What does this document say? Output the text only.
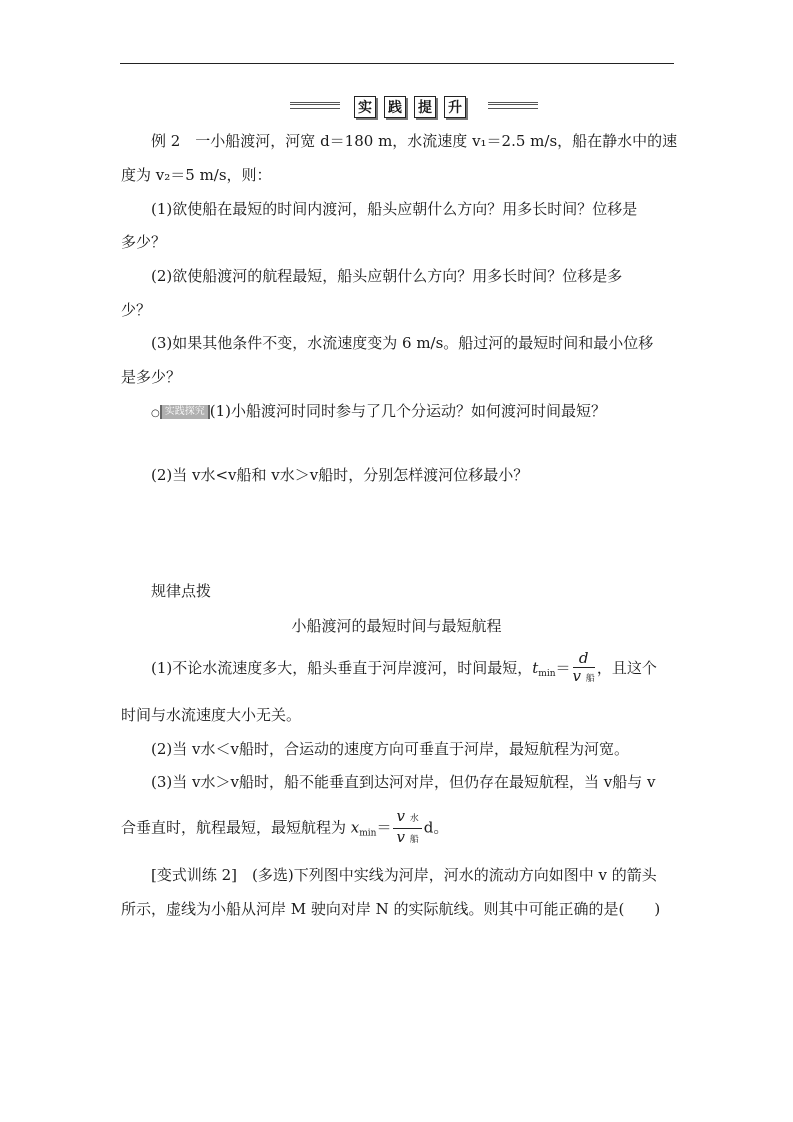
实 践 提 升
例 2　一小船渡河，河宽 d＝180 m，水流速度 v₁＝2.5 m/s，船在静水中的速
度为 v₂＝5 m/s，则：
(1)欲使船在最短的时间内渡河，船头应朝什么方向？用多长时间？位移是
多少？
(2)欲使船渡河的航程最短，船头应朝什么方向？用多长时间？位移是多
少？
(3)如果其他条件不变，水流速度变为 6 m/s。船过河的最短时间和最小位移
是多少？
○ 实践探究 (1)小船渡河时同时参与了几个分运动？如何渡河时间最短？
(2)当 v水<v船和 v水＞v船时，分别怎样渡河位移最小？
规律点拨
小船渡河的最短时间与最短航程
(1)不论水流速度多大，船头垂直于河岸渡河，时间最短，$t_{min}= \frac{d}{\text{v 船}}$ ，且这个
时间与水流速度大小无关。
(2)当 v水＜v船时，合运动的速度方向可垂直于河岸，最短航程为河宽。
(3)当 v水＞v船时，船不能垂直到达河对岸，但仍存在最短航程，当 v船与 v
合垂直时，航程最短，最短航程为 $x_{min}= \frac{\text{v 水}}{\text{v 船}}$ d。
[变式训练 2]　(多选)下列图中实线为河岸，河水的流动方向如图中 v 的箭头
所示，虚线为小船从河岸 M 驶向对岸 N 的实际航线。则其中可能正确的是(　　)
